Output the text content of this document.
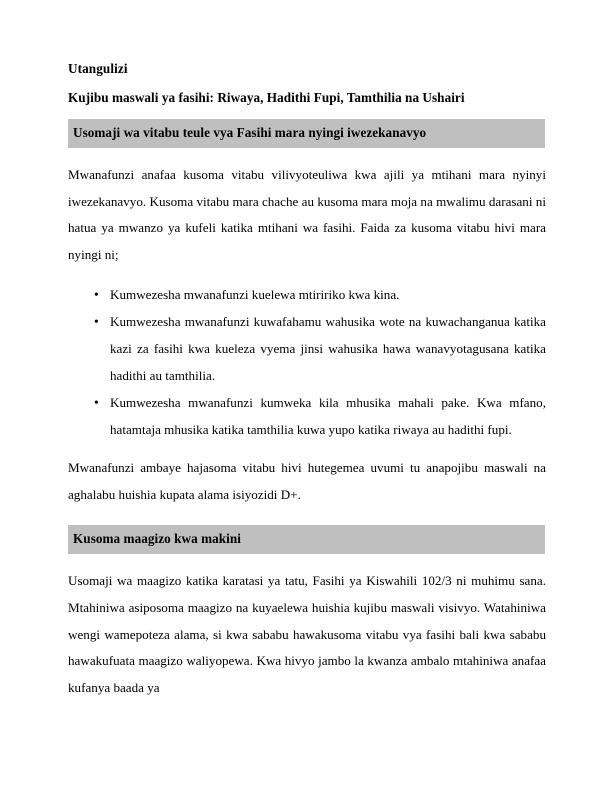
Utangulizi
Kujibu maswali ya fasihi: Riwaya, Hadithi Fupi, Tamthilia na Ushairi
Usomaji wa vitabu teule vya Fasihi mara nyingi iwezekanavyo

Mwanafunzi anafaa kusoma vitabu vilivyoteuliwa kwa ajili ya mtihani mara nyinyi iwezekanavyo. Kusoma vitabu mara chache au kusoma mara moja na mwalimu darasani ni hatua ya mwanzo ya kufeli katika mtihani wa fasihi. Faida za kusoma vitabu hivi mara nyingi ni;

• Kumwezesha mwanafunzi kuelewa mtiririko kwa kina.
• Kumwezesha mwanafunzi kuwafahamu wahusika wote na kuwachanganua katika kazi za fasihi kwa kueleza vyema jinsi wahusika hawa wanavyotagusana katika hadithi au tamthilia.
• Kumwezesha mwanafunzi kumweka kila mhusika mahali pake. Kwa mfano, hatamtaja mhusika katika tamthilia kuwa yupo katika riwaya au hadithi fupi.

Mwanafunzi ambaye hajasoma vitabu hivi hutegemea uvumi tu anapojibu maswali na aghalabu huishia kupata alama isiyozidi D+.

Kusoma maagizo kwa makini

Usomaji wa maagizo katika karatasi ya tatu, Fasihi ya Kiswahili 102/3 ni muhimu sana. Mtahiniwa asiposoma maagizo na kuyaelewa huishia kujibu maswali visivyo. Watahiniwa wengi wamepoteza alama, si kwa sababu hawakusoma vitabu vya fasihi bali kwa sababu hawakufuata maagizo waliyopewa. Kwa hivyo jambo la kwanza ambalo mtahiniwa anafaa kufanya baada ya
